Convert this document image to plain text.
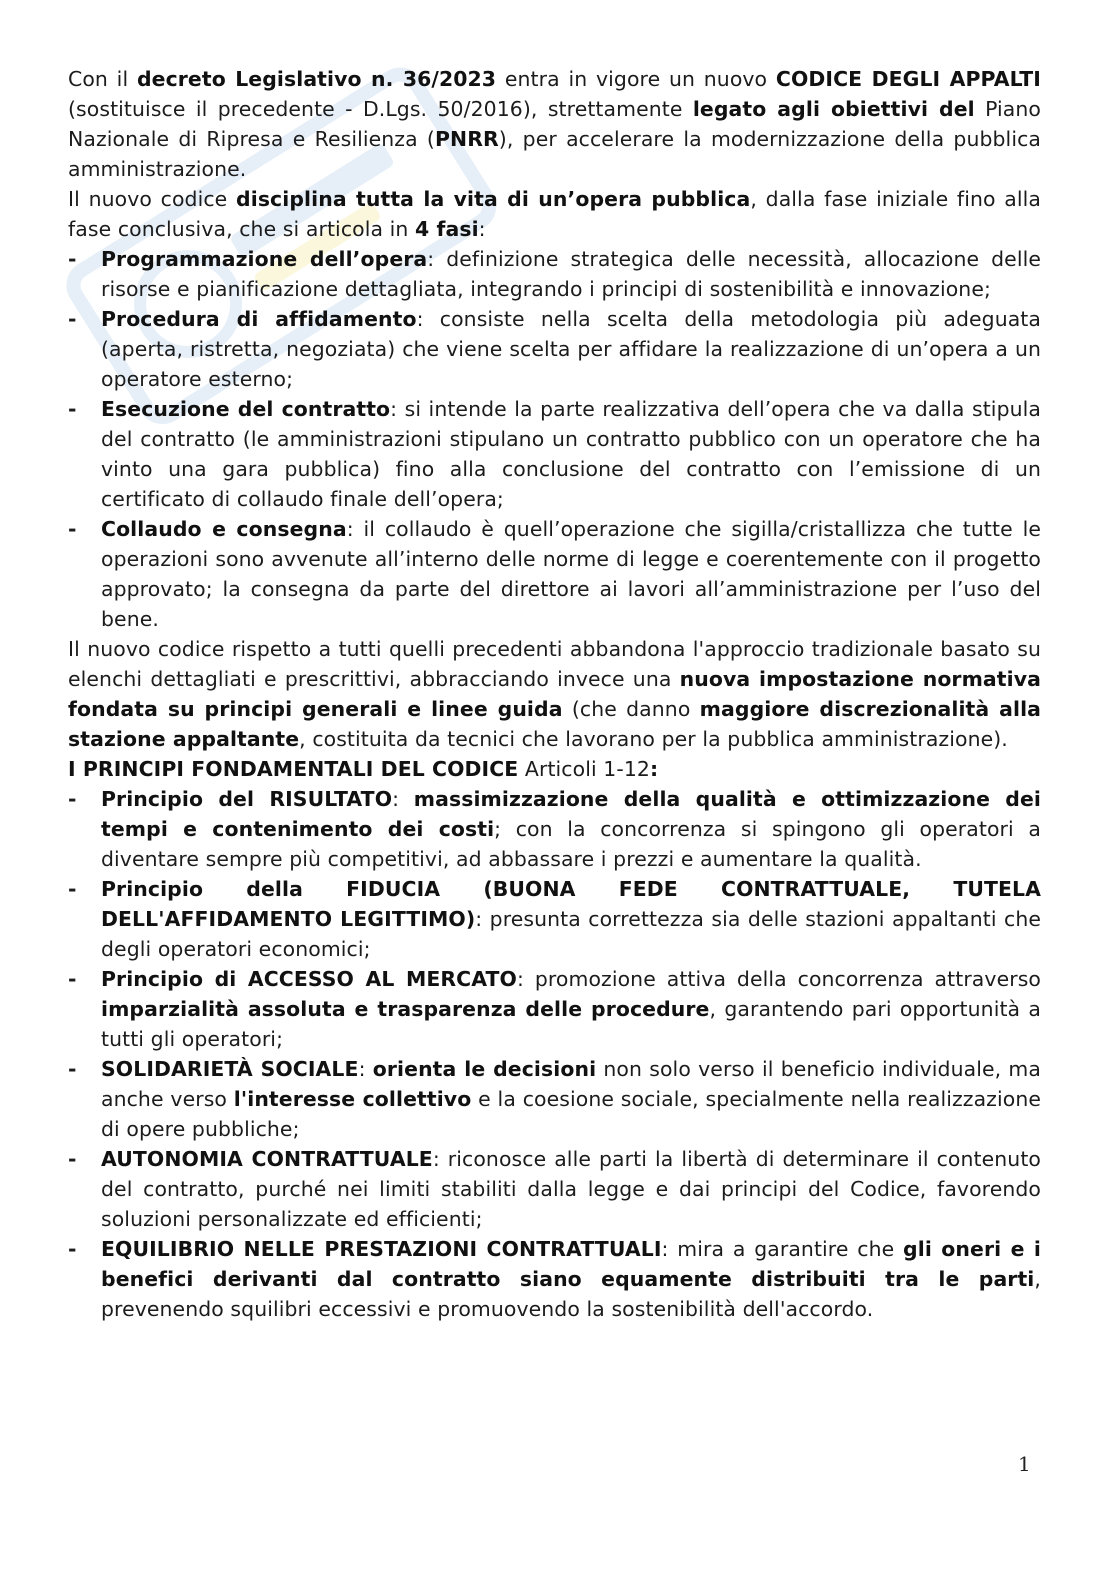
Con il decreto Legislativo n. 36/2023 entra in vigore un nuovo CODICE DEGLI APPALTI (sostituisce il precedente - D.Lgs. 50/2016), strettamente legato agli obiettivi del Piano Nazionale di Ripresa e Resilienza (PNRR), per accelerare la modernizzazione della pubblica amministrazione.

Il nuovo codice disciplina tutta la vita di un’opera pubblica, dalla fase iniziale fino alla fase conclusiva, che si articola in 4 fasi:

- Programmazione dell’opera: definizione strategica delle necessità, allocazione delle risorse e pianificazione dettagliata, integrando i principi di sostenibilità e innovazione;
- Procedura di affidamento: consiste nella scelta della metodologia più adeguata (aperta, ristretta, negoziata) che viene scelta per affidare la realizzazione di un’opera a un operatore esterno;
- Esecuzione del contratto: si intende la parte realizzativa dell’opera che va dalla stipula del contratto (le amministrazioni stipulano un contratto pubblico con un operatore che ha vinto una gara pubblica) fino alla conclusione del contratto con l’emissione di un certificato di collaudo finale dell’opera;
- Collaudo e consegna: il collaudo è quell’operazione che sigilla/cristallizza che tutte le operazioni sono avvenute all’interno delle norme di legge e coerentemente con il progetto approvato; la consegna da parte del direttore ai lavori all’amministrazione per l’uso del bene.

Il nuovo codice rispetto a tutti quelli precedenti abbandona l'approccio tradizionale basato su elenchi dettagliati e prescrittivi, abbracciando invece una nuova impostazione normativa fondata su principi generali e linee guida (che danno maggiore discrezionalità alla stazione appaltante, costituita da tecnici che lavorano per la pubblica amministrazione).

I PRINCIPI FONDAMENTALI DEL CODICE Articoli 1-12:

- Principio del RISULTATO: massimizzazione della qualità e ottimizzazione dei tempi e contenimento dei costi; con la concorrenza si spingono gli operatori a diventare sempre più competitivi, ad abbassare i prezzi e aumentare la qualità.
- Principio della FIDUCIA (BUONA FEDE CONTRATTUALE, TUTELA DELL'AFFIDAMENTO LEGITTIMO): presunta correttezza sia delle stazioni appaltanti che degli operatori economici;
- Principio di ACCESSO AL MERCATO: promozione attiva della concorrenza attraverso imparzialità assoluta e trasparenza delle procedure, garantendo pari opportunità a tutti gli operatori;
- SOLIDARIETÀ SOCIALE: orienta le decisioni non solo verso il beneficio individuale, ma anche verso l'interesse collettivo e la coesione sociale, specialmente nella realizzazione di opere pubbliche;
- AUTONOMIA CONTRATTUALE: riconosce alle parti la libertà di determinare il contenuto del contratto, purché nei limiti stabiliti dalla legge e dai principi del Codice, favorendo soluzioni personalizzate ed efficienti;
- EQUILIBRIO NELLE PRESTAZIONI CONTRATTUALI: mira a garantire che gli oneri e i benefici derivanti dal contratto siano equamente distribuiti tra le parti, prevenendo squilibri eccessivi e promuovendo la sostenibilità dell'accordo.
1
